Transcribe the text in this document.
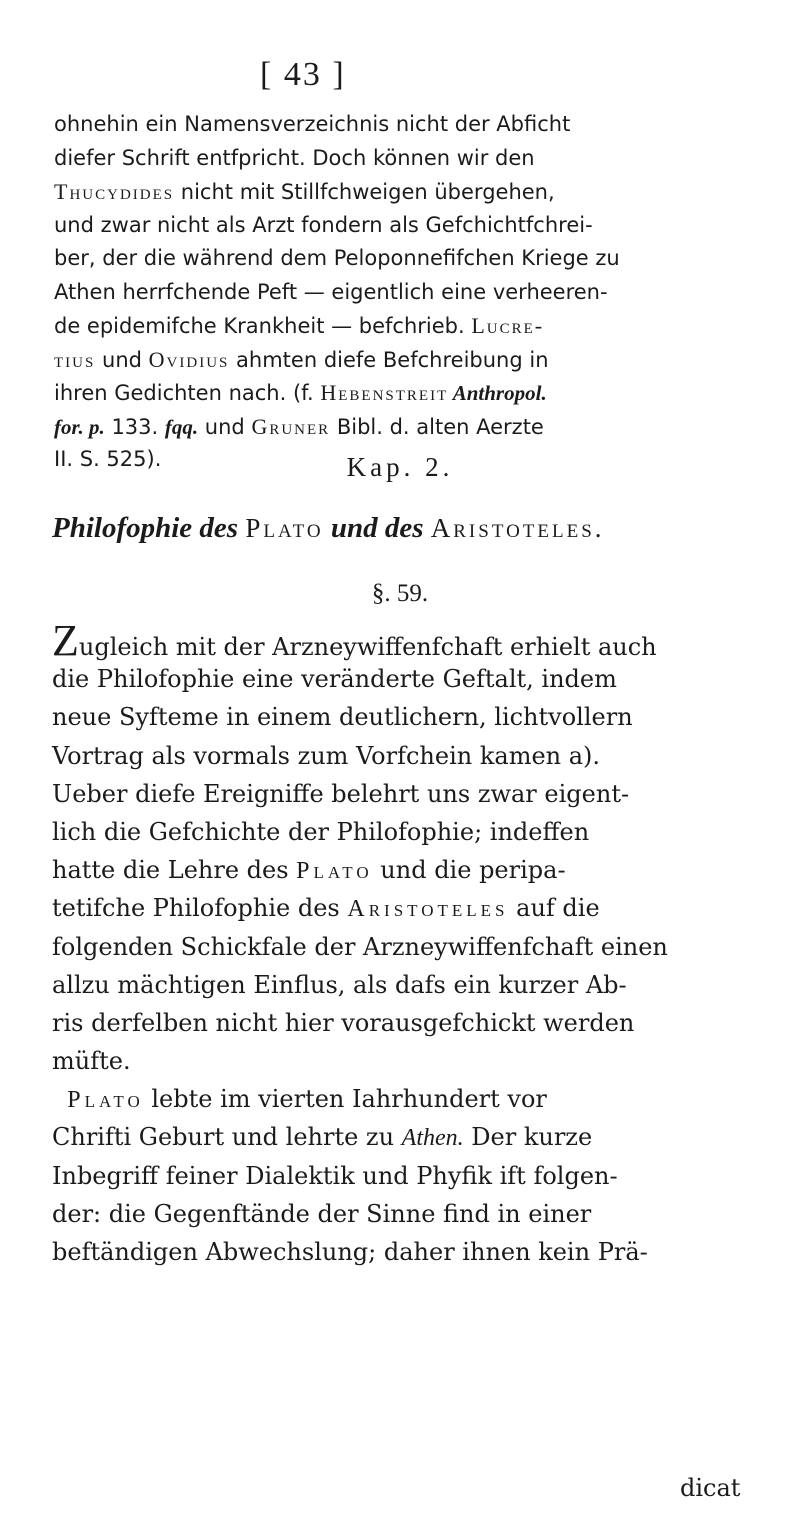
[ 43 ]
ohnehin ein Namensverzeichnis nicht der Abficht
diefer Schrift entfpricht. Doch können wir den
Thucydides nicht mit Stillfchweigen übergehen,
und zwar nicht als Arzt fondern als Gefchichtfchrei-
ber, der die während dem Peloponnefifchen Kriege zu
Athen herrfchende Peft — eigentlich eine verheeren-
de epidemifche Krankheit — befchrieb. Lucre-
tius und Ovidius ahmten diefe Befchreibung in
ihren Gedichten nach. (f. Hebenstreit Anthropol.
for. p. 133. fqq. und Gruner Bibl. d. alten Aerzte
II. S. 525).	Kap. 2.
Philofophie des Plato und des Aristoteles.
§. 59.
Zugleich mit der Arzneywiffenfchaft erhielt auch
die Philofophie eine veränderte Geftalt, indem
neue Syfteme in einem deutlichern, lichtvollern
Vortrag als vormals zum Vorfchein kamen a).
Ueber diefe Ereigniffe belehrt uns zwar eigent-
lich die Gefchichte der Philofophie; indeffen
hatte die Lehre des Plato und die peripa-
tetifche Philofophie des Aristoteles auf die
folgenden Schickfale der Arzneywiffenfchaft einen
allzu mächtigen Einflus, als dafs ein kurzer Ab-
ris derfelben nicht hier vorausgefchickt werden
müfte.
Plato lebte im vierten Iahrhundert vor
Chrifti Geburt und lehrte zu Athen. Der kurze
Inbegriff feiner Dialektik und Phyfik ift folgen-
der: die Gegenftände der Sinne find in einer
beftändigen Abwechslung; daher ihnen kein Prä-
dicat
